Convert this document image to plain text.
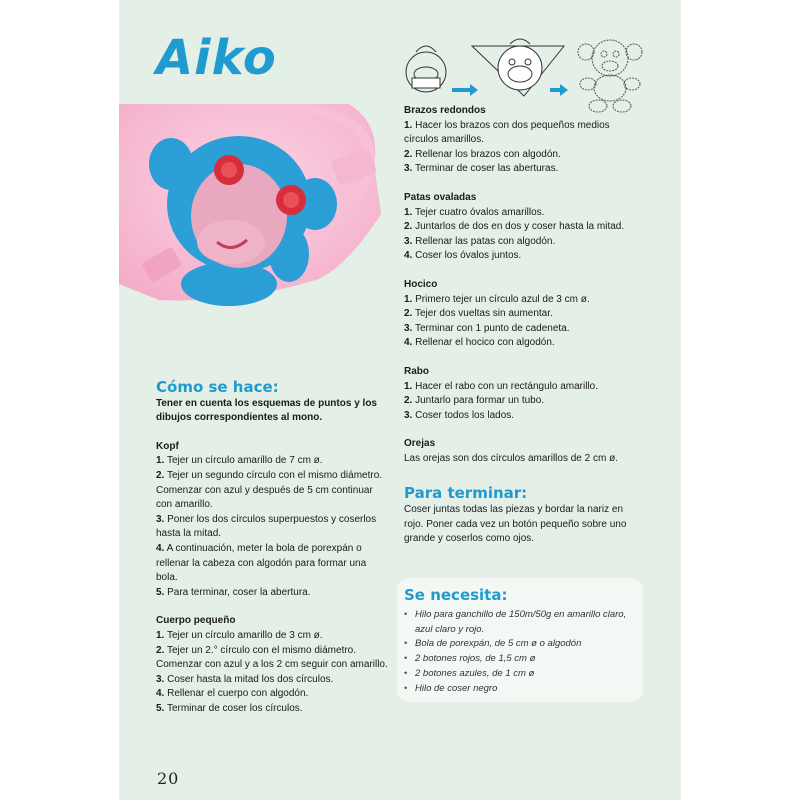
Aiko
Cómo se hace:
Tener en cuenta los esquemas de puntos y los dibujos correspondientes al mono.
Kopf
1. Tejer un círculo amarillo de 7 cm ø.
2. Tejer un segundo círculo con el mismo diámetro. Comenzar con azul y después de 5 cm continuar con amarillo.
3. Poner los dos círculos superpuestos y coserlos hasta la mitad.
4. A continuación, meter la bola de porexpán o rellenar la cabeza con algodón para formar una bola.
5. Para terminar, coser la abertura.
Cuerpo pequeño
1. Tejer un círculo amarillo de 3 cm ø.
2. Tejer un 2.° círculo con el mismo diámetro. Comenzar con azul y a los 2 cm seguir con amarillo.
3. Coser hasta la mitad los dos círculos.
4. Rellenar el cuerpo con algodón.
5. Terminar de coser los círculos.
Brazos redondos
1. Hacer los brazos con dos pequeños medios círculos amarillos.
2. Rellenar los brazos con algodón.
3. Terminar de coser las aberturas.
Patas ovaladas
1. Tejer cuatro óvalos amarillos.
2. Juntarlos de dos en dos y coser hasta la mitad.
3. Rellenar las patas con algodón.
4. Coser los óvalos juntos.
Hocico
1. Primero tejer un círculo azul de 3 cm ø.
2. Tejer dos vueltas sin aumentar.
3. Terminar con 1 punto de cadeneta.
4. Rellenar el hocico con algodón.
Rabo
1. Hacer el rabo con un rectángulo amarillo.
2. Juntarlo para formar un tubo.
3. Coser todos los lados.
Orejas
Las orejas son dos círculos amarillos de 2 cm ø.
Para terminar:
Coser juntas todas las piezas y bordar la nariz en rojo. Poner cada vez un botón pequeño sobre uno grande y coserlos como ojos.
Se necesita:
• Hilo para ganchillo de 150m/50g en amarillo claro, azul claro y rojo.
• Bola de porexpán, de 5 cm ø o algodón
• 2 botones rojos, de 1,5 cm ø
• 2 botones azules, de 1 cm ø
• Hilo de coser negro
20
